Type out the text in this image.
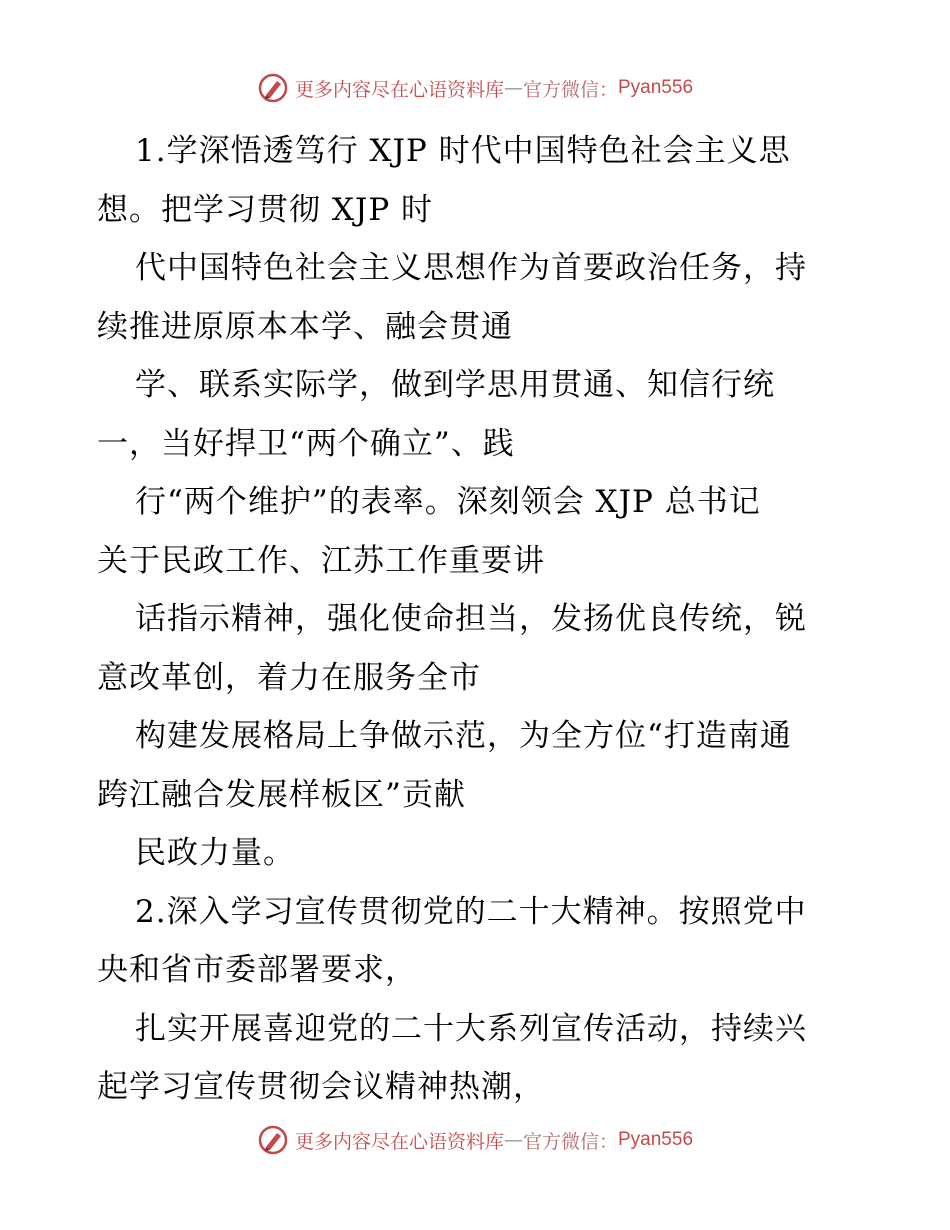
更多内容尽在心语资料库 — 官方微信： Pyan556
1.学深悟透笃行 XJP 时代中国特色社会主义思
想。把学习贯彻 XJP 时
代中国特色社会主义思想作为首要政治任务，持
续推进原原本本学、融会贯通
学、联系实际学，做到学思用贯通、知信行统
一，当好捍卫“两个确立”、践
行“两个维护”的表率。深刻领会 XJP 总书记
关于民政工作、江苏工作重要讲
话指示精神，强化使命担当，发扬优良传统，锐
意改革创，着力在服务全市
构建发展格局上争做示范，为全方位“打造南通
跨江融合发展样板区”贡献
民政力量。
2.深入学习宣传贯彻党的二十大精神。按照党中
央和省市委部署要求，
扎实开展喜迎党的二十大系列宣传活动，持续兴
起学习宣传贯彻会议精神热潮，
更多内容尽在心语资料库 — 官方微信： Pyan556
